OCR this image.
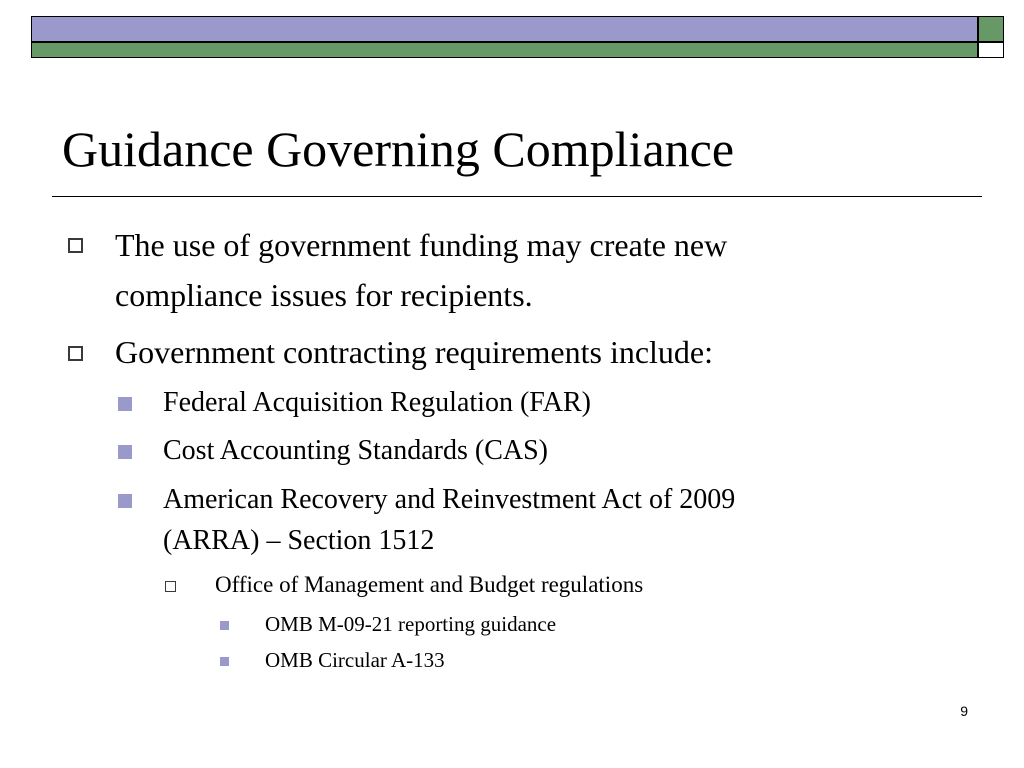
Guidance Governing Compliance
The use of government funding may create new
compliance issues for recipients.
Government contracting requirements include:
Federal Acquisition Regulation (FAR)
Cost Accounting Standards (CAS)
American Recovery and Reinvestment Act of 2009
(ARRA) – Section 1512
Office of Management and Budget regulations
OMB M-09-21 reporting guidance
OMB Circular A-133
9
